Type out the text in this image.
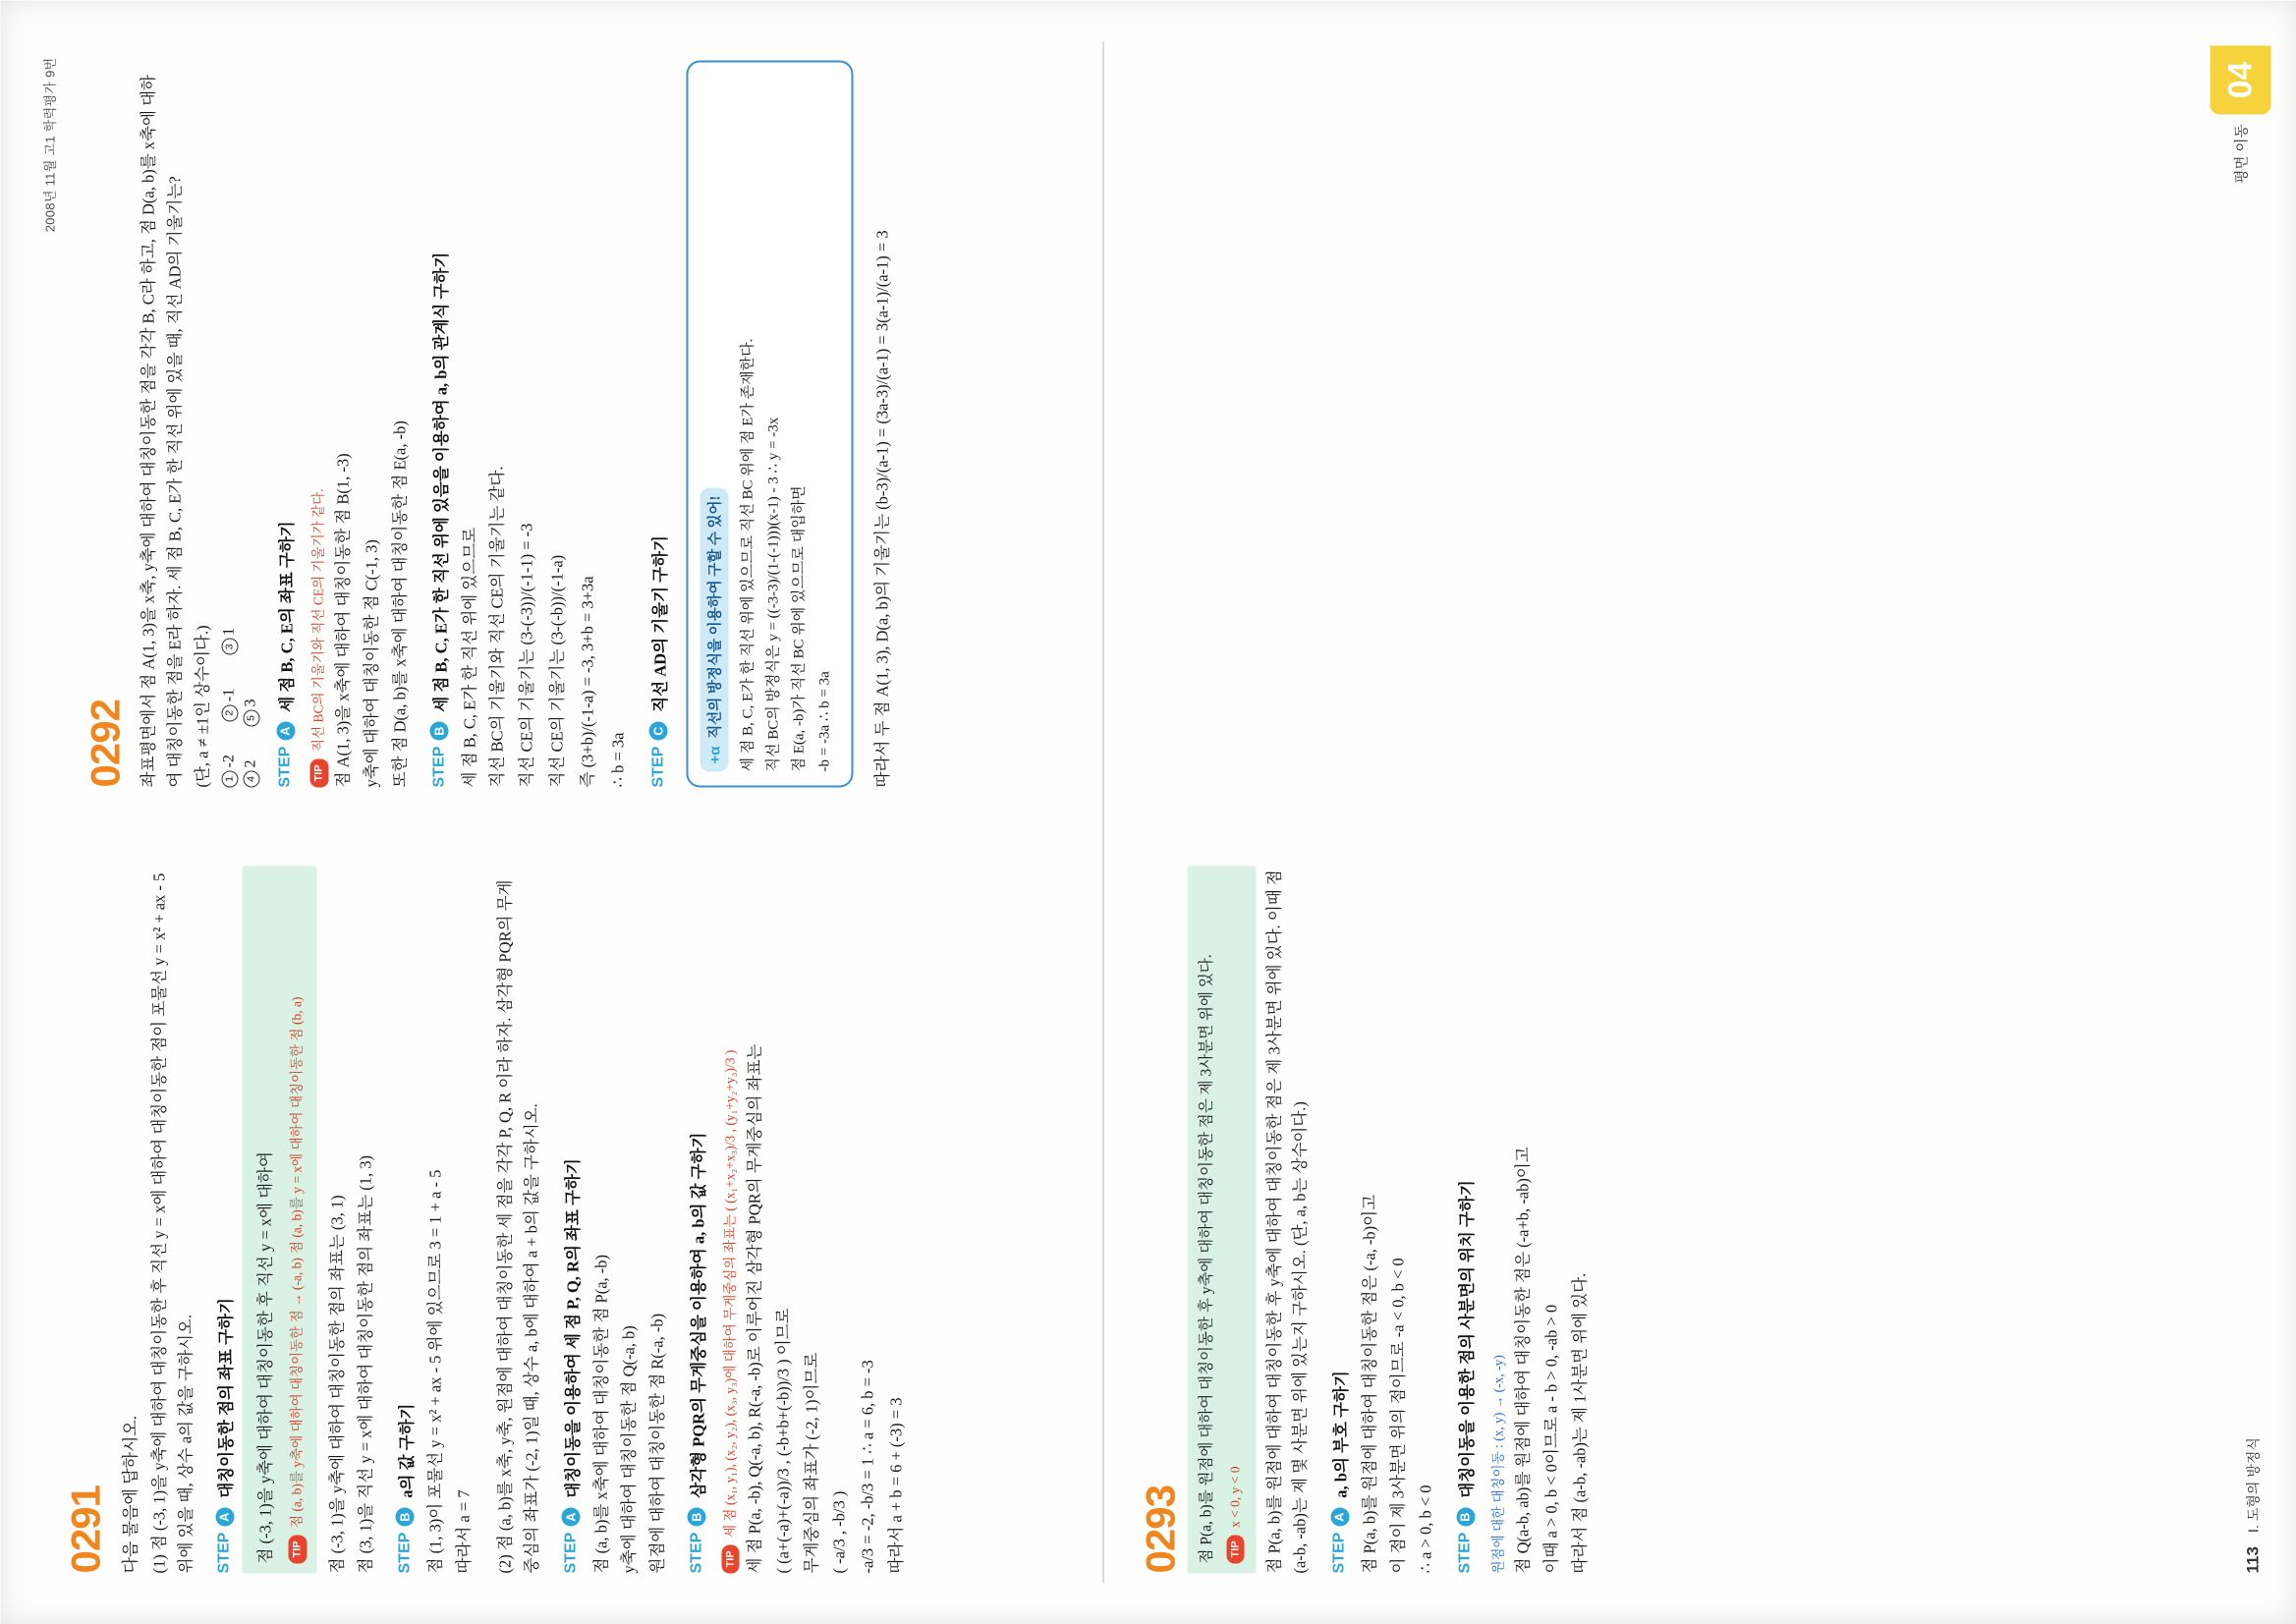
2008년 11월 고1 학력평가 9번
0291 다음 물음에 답하시오. (1) 점 (-3, 1)을 y축에 대하여 대칭이동한 후 직선 y = x에 대하여 대칭이동한 점이 포물선 y = x² + ax - 5 위에 있을 때, 상수 a의 값을 구하시오. STEP
A
대칭이동한 점의 좌표 구하기 점 (-3, 1)을 y축에 대하여 대칭이동한 후 직선 y = x에 대하여	TIP 점 (a, b)를 y축에 대하여 대칭이동한 점 → (-a, b) 점 (a, b)를 y = x에 대하여 대칭이동한 점 (b, a)
점 (-3, 1)을 y축에 대하여 대칭이동한 점의 좌표는 (3, 1) 점 (3, 1)을 직선 y = x에 대하여 대칭이동한 점의 좌표는 (1, 3) STEP
B
a의 값 구하기 점 (1, 3)이 포물선 y = x² + ax - 5 위에 있으므로 3 = 1 + a - 5 따라서 a = 7 (2) 점 (a, b)를 x축, y축, 원점에 대하여 대칭이동한 세 점을 각각 P, Q, R 이라 하자. 삼각형 PQR의 무게중심의 좌표가 (-2, 1)일 때, 상수 a, b에 대하여 a + b의 값을 구하시오. STEP
A
대칭이동을 이용하여 세 점 P, Q, R의 좌표 구하기 점 (a, b)를 x축에 대하여 대칭이동한 점 P(a, -b) y축에 대하여 대칭이동한 점 Q(-a, b) 원점에 대하여 대칭이동한 점 R(-a, -b) STEP
B
삼각형 PQR의 무게중심을 이용하여 a, b의 값 구하기
TIP 세 점 (x₁, y₁), (x₂, y₂), (x₃, y₃)에 대하여 무게중심의 좌표는 ( (x₁+x₂+x₃)/3 , (y₁+y₂+y₃)/3 ) 세 점 P(a, -b), Q(-a, b), R(-a, -b)로 이루어진 삼각형 PQR의 무게중심의 좌표는 ( (a+(-a)+(-a))/3 , (-b+b+(-b))/3 ) 이므로 무게중심의 좌표가 (-2, 1)이므로 ( -a/3 , -b/3 ) -a/3 = -2, -b/3 = 1 ∴ a = 6, b = -3 따라서 a + b = 6 + (-3) = 3
0292 좌표평면에서 점 A(1, 3)을 x축, y축에 대하여 대칭이동한 점을 각각 B, C라 하고, 점 D(a, b)를 x축에 대하여 대칭이동한 점을 E라 하자. 세 점 B, C, E가 한 직선 위에 있을 때, 직선 AD의 기울기는? (단, a ≠ ±1인 상수이다.)	1
-2
2
-1
3
1
4
2
5
3
STEP
A
세 점 B, C, E의 좌표 구하기
TIP 직선 BC의 기울기와 직선 CE의 기울기가 같다. 점 A(1, 3)을 x축에 대하여 대칭이동한 점 B(1, -3) y축에 대하여 대칭이동한 점 C(-1, 3) 또한 점 D(a, b)를 x축에 대하여 대칭이동한 점 E(a, -b) STEP
B
세 점 B, C, E가 한 직선 위에 있음을 이용하여 a, b의 관계식 구하기 세 점 B, C, E가 한 직선 위에 있으므로 직선 BC의 기울기와 직선 CE의 기울기는 같다. 직선 CE의 기울기는 (3-(-3))/(-1-1) = -3 직선 CE의 기울기는 (3-(-b))/(-1-a) 즉 (3+b)/(-1-a) = -3, 3+b = 3+3a ∴ b = 3a	STEP
C
직선 AD의 기울기 구하기
+α  직선의 방정식을 이용하여 구할 수 있어! 세 점 B, C, E가 한 직선 위에 있으므로 직선 BC 위에 점 E가 존재한다. 직선 BC의 방정식은 y = ((-3-3)/(1-(-1)))(x-1) - 3 ∴ y = -3x 점 E(a, -b)가 직선 BC 위에 있으므로 대입하면 -b = -3a ∴ b = 3a 따라서 두 점 A(1, 3), D(a, b)의 기울기는 (b-3)/(a-1) = (3a-3)/(a-1) = 3(a-1)/(a-1) = 3
0293 점 P(a, b)를 원점에 대하여 대칭이동한 후 y축에 대하여 대칭이동한 점은 제 3사분면 위에 있다. TIP x < 0, y < 0	점 P(a, b)를 원점에 대하여 대칭이동한 후 y축에 대하여 대칭이동한 점은 제 3사분면 위에 있다. 이때 점 (a-b, -ab)는 제 몇 사분면 위에 있는지 구하시오. (단, a, b는 상수이다.) STEP
A
a, b의 부호 구하기 점 P(a, b)를 원점에 대하여 대칭이동한 점은 (-a, -b)이고 이 점이 제 3사분면 위의 점이므로 -a < 0, b < 0 ∴ a > 0, b < 0 STEP
B
대칭이동을 이용한 점의 사분면의 위치 구하기 원점에 대한 대칭이동 : (x, y) → (-x, -y) 점 Q(a-b, ab)를 원점에 대하여 대칭이동한 점은 (-a+b, -ab)이고 이때 a > 0, b < 0이므로 a - b > 0, -ab > 0 따라서 점 (a-b, -ab)는 제 1사분면 위에 있다.	113
Ⅰ. 도형의 방정식
평면 이동
04
